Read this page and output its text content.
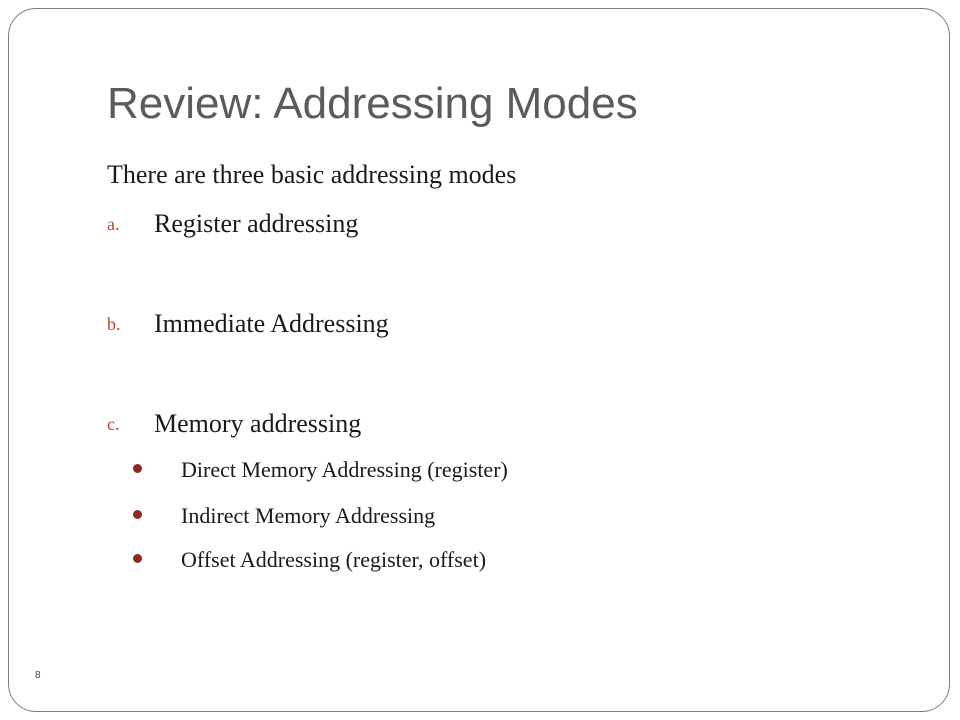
Review: Addressing Modes
There are three basic addressing modes
a. Register addressing
b. Immediate Addressing
c. Memory addressing
Direct Memory Addressing (register)
Indirect Memory Addressing
Offset Addressing (register, offset)
8
